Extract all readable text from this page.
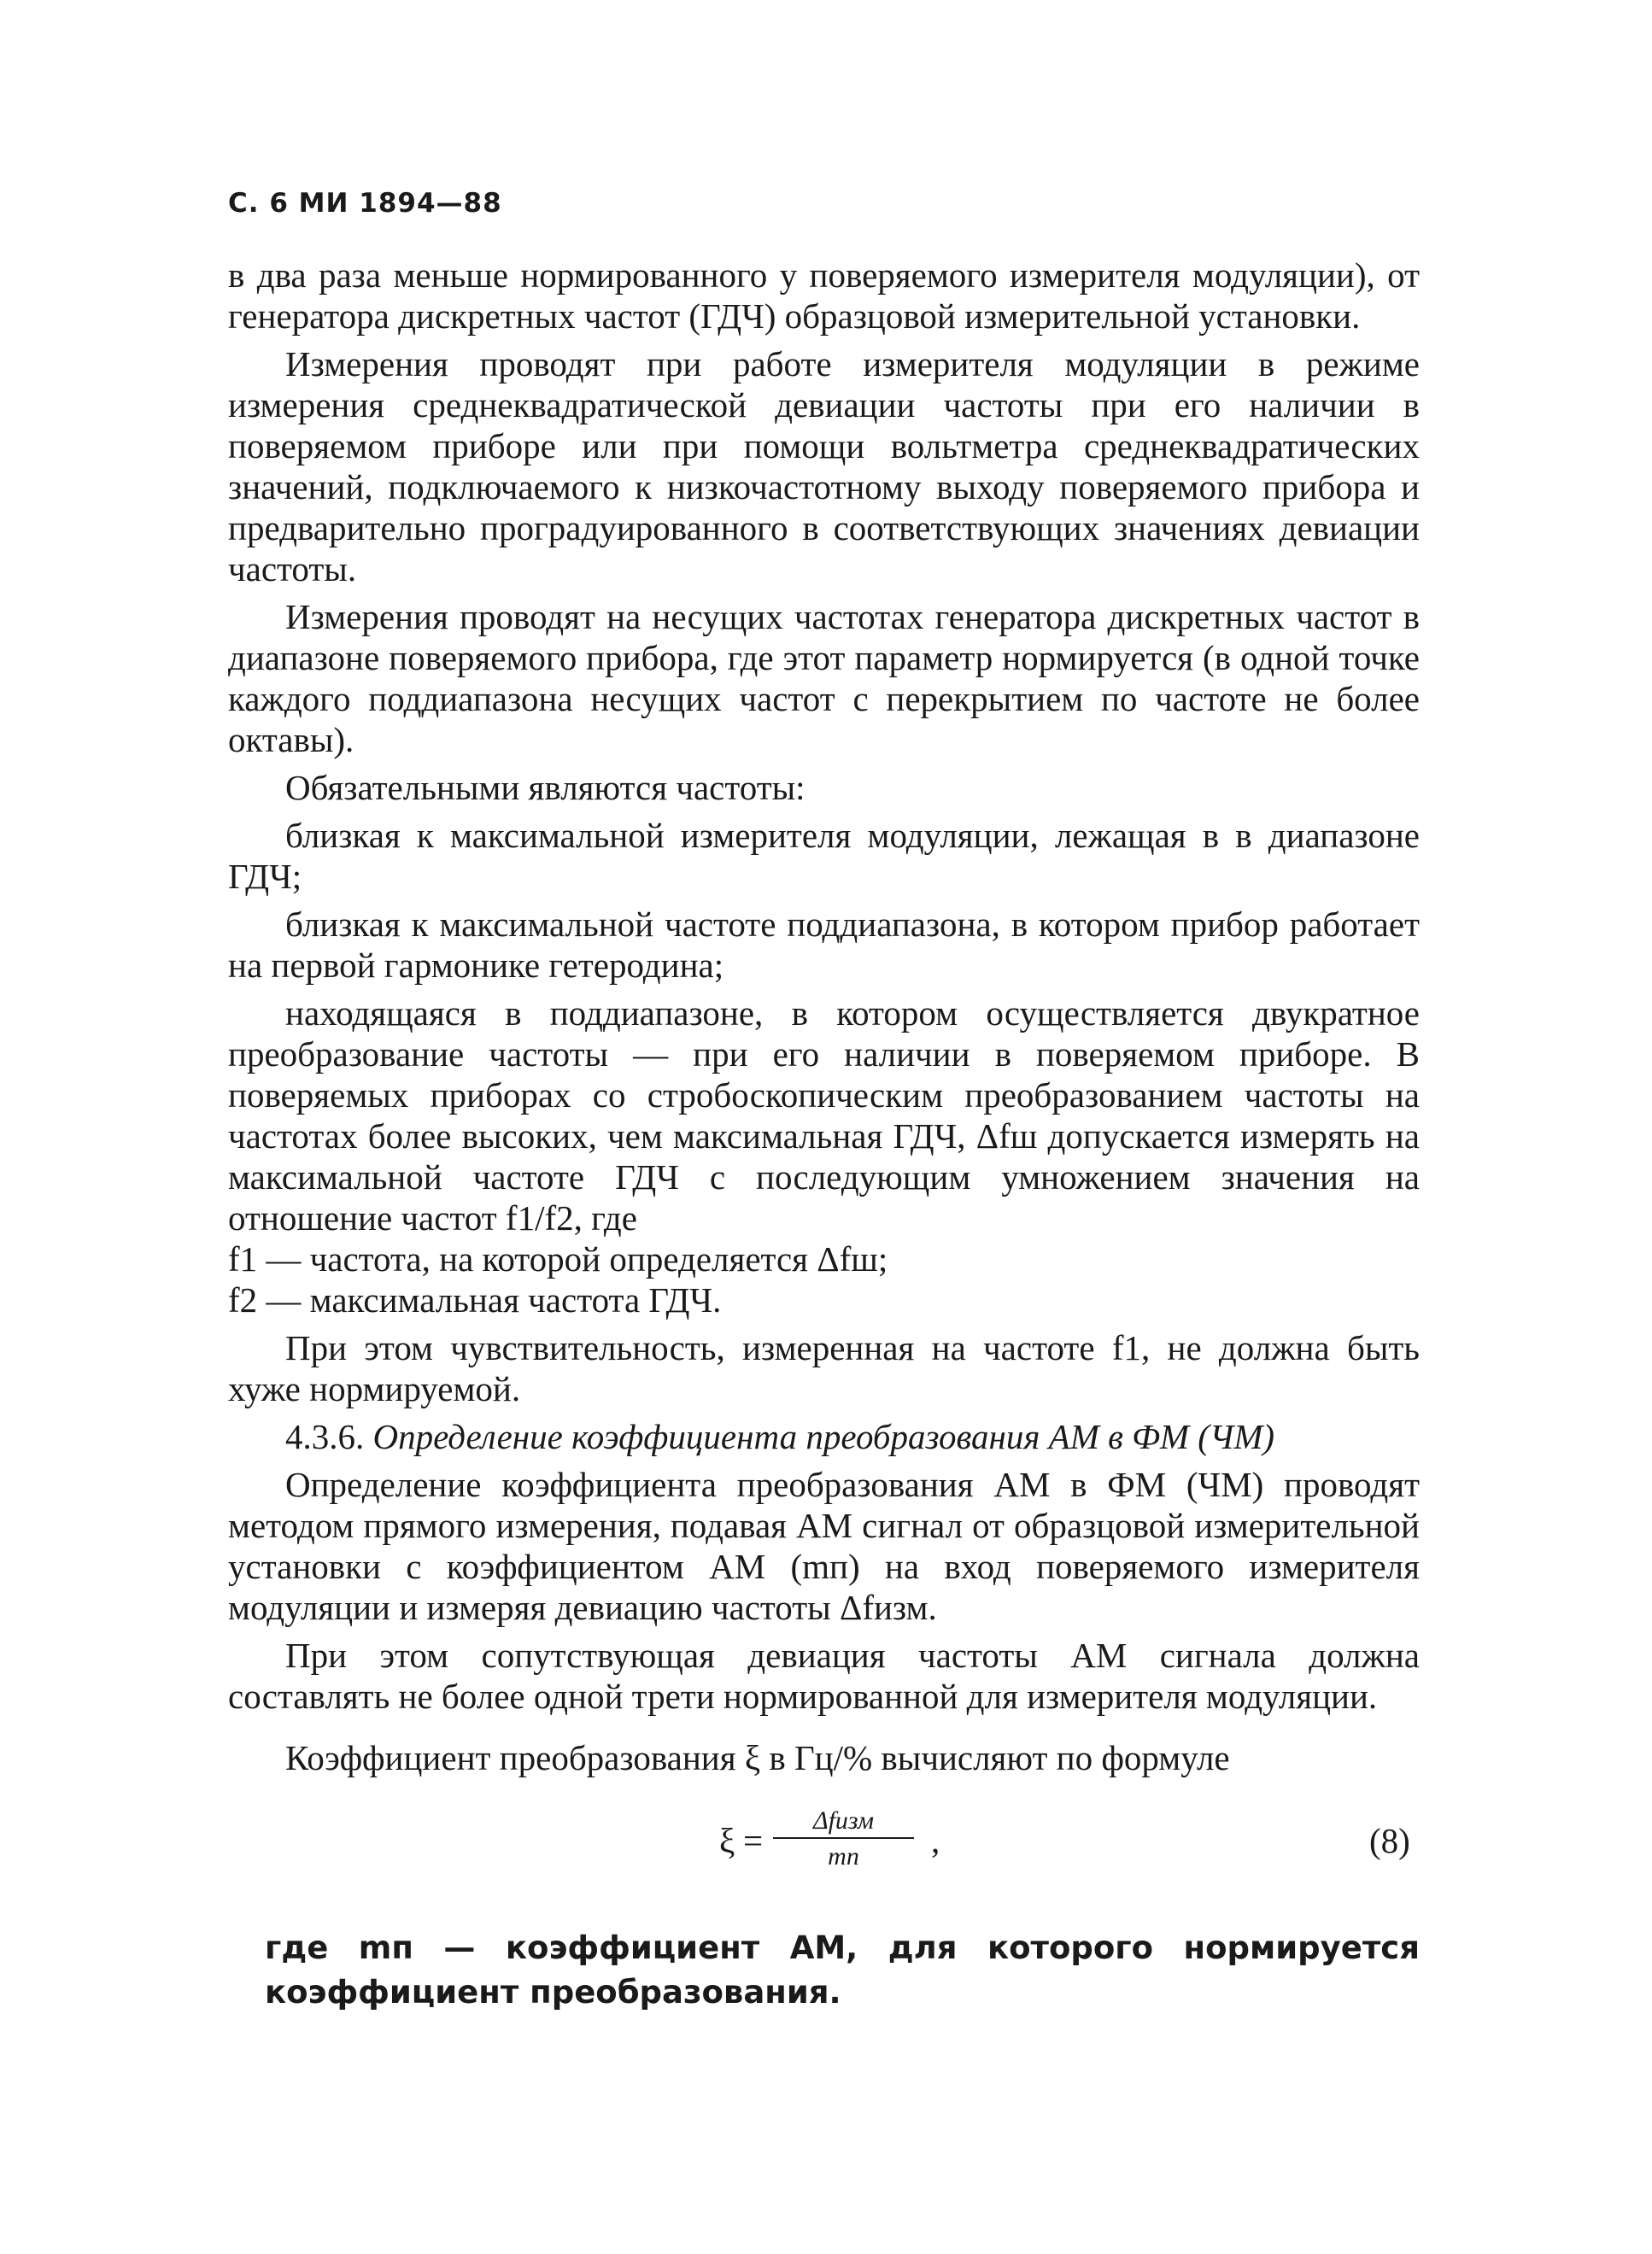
С. 6 МИ 1894—88

в два раза меньше нормированного у поверяемого измерителя модуляции), от генератора дискретных частот (ГДЧ) образцовой измерительной установки.

Измерения проводят при работе измерителя модуляции в режиме измерения среднеквадратической девиации частоты при его наличии в поверяемом приборе или при помощи вольтметра среднеквадратических значений, подключаемого к низкочастотному выходу поверяемого прибора и предварительно проградуированного в соответствующих значениях девиации частоты.

Измерения проводят на несущих частотах генератора дискретных частот в диапазоне поверяемого прибора, где этот параметр нормируется (в одной точке каждого поддиапазона несущих частот с перекрытием по частоте не более октавы).

Обязательными являются частоты:

близкая к максимальной измерителя модуляции, лежащая в в диапазоне ГДЧ;

близкая к максимальной частоте поддиапазона, в котором прибор работает на первой гармонике гетеродина;

находящаяся в поддиапазоне, в котором осуществляется двукратное преобразование частоты — при его наличии в поверяемом приборе. В поверяемых приборах со стробоскопическим преобразованием частоты на частотах более высоких, чем максимальная ГДЧ, Δfш допускается измерять на максимальной частоте ГДЧ с последующим умножением значения на отношение частот f1/f2, где

f1 — частота, на которой определяется Δfш;

f2 — максимальная частота ГДЧ.

При этом чувствительность, измеренная на частоте f1, не должна быть хуже нормируемой.

4.3.6. Определение коэффициента преобразования АМ в ФМ (ЧМ)

Определение коэффициента преобразования АМ в ФМ (ЧМ) проводят методом прямого измерения, подавая АМ сигнал от образцовой измерительной установки с коэффициентом АМ (mп) на вход поверяемого измерителя модуляции и измеряя девиацию частоты Δfизм.

При этом сопутствующая девиация частоты АМ сигнала должна составлять не более одной трети нормированной для измерителя модуляции.

Коэффициент преобразования ξ в Гц/% вычисляют по формуле

ξ =
Δfизм
mп	,	(8)
где mп — коэффициент АМ, для которого нормируется коэффициент преобразования.
